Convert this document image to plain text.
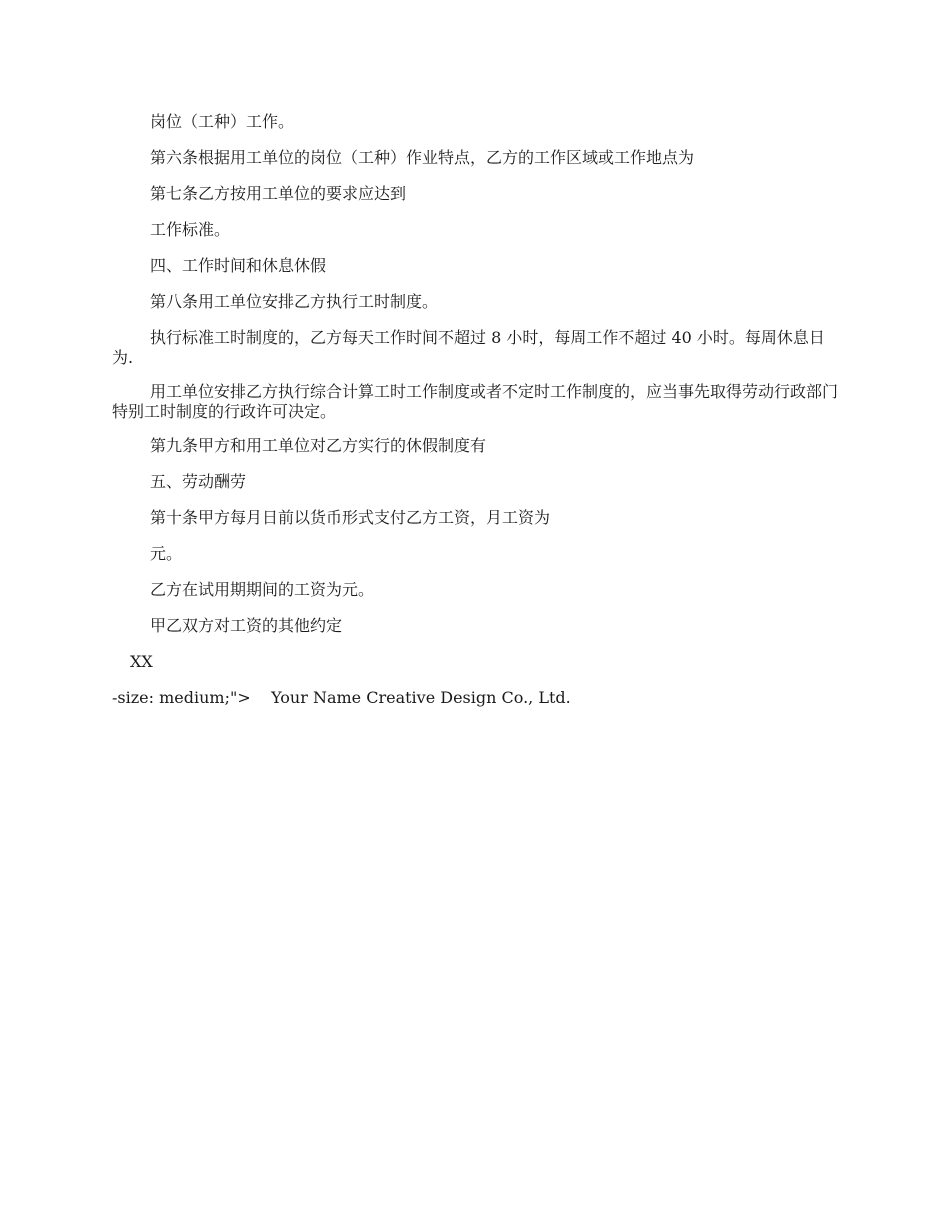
岗位（工种）工作。

第六条根据用工单位的岗位（工种）作业特点，乙方的工作区域或工作地点为

第七条乙方按用工单位的要求应达到

工作标准。

四、工作时间和休息休假

第八条用工单位安排乙方执行工时制度。

执行标准工时制度的，乙方每天工作时间不超过 8 小时，每周工作不超过 40 小时。每周休息日为.

用工单位安排乙方执行综合计算工时工作制度或者不定时工作制度的，应当事先取得劳动行政部门特别工时制度的行政许可决定。

第九条甲方和用工单位对乙方实行的休假制度有

五、劳动酬劳

第十条甲方每月日前以货币形式支付乙方工资，月工资为

元。

乙方在试用期期间的工资为元。

甲乙双方对工资的其他约定

XX

-size: medium;"> Your Name Creative Design Co., Ltd.
